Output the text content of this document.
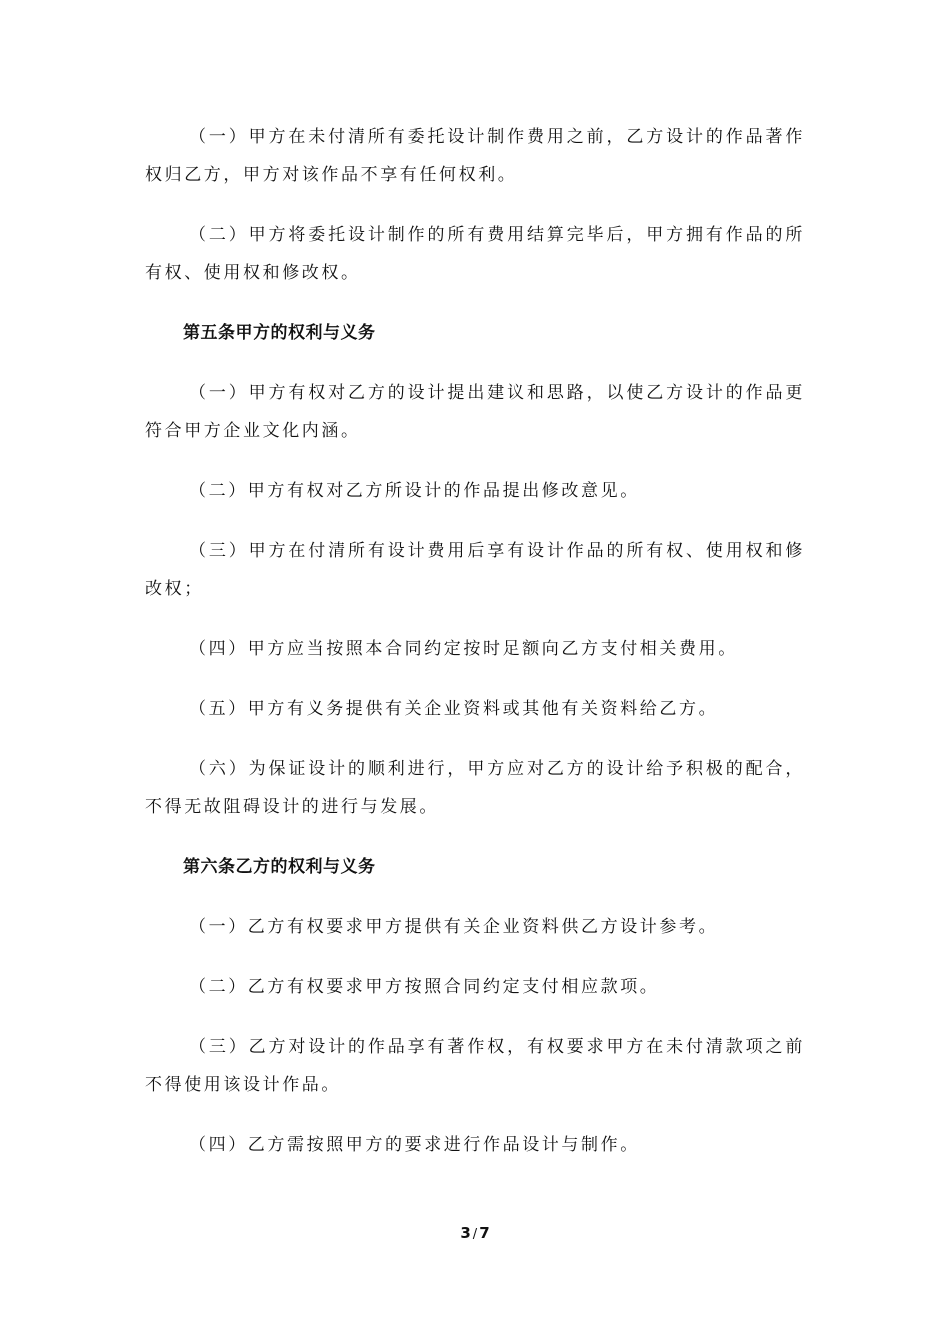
（一）甲方在未付清所有委托设计制作费用之前，乙方设计的作品著作权归乙方，甲方对该作品不享有任何权利。

（二）甲方将委托设计制作的所有费用结算完毕后，甲方拥有作品的所有权、使用权和修改权。

第五条甲方的权利与义务

（一）甲方有权对乙方的设计提出建议和思路，以使乙方设计的作品更符合甲方企业文化内涵。

（二）甲方有权对乙方所设计的作品提出修改意见。

（三）甲方在付清所有设计费用后享有设计作品的所有权、使用权和修改权；

（四）甲方应当按照本合同约定按时足额向乙方支付相关费用。

（五）甲方有义务提供有关企业资料或其他有关资料给乙方。

（六）为保证设计的顺利进行，甲方应对乙方的设计给予积极的配合，不得无故阻碍设计的进行与发展。

第六条乙方的权利与义务

（一）乙方有权要求甲方提供有关企业资料供乙方设计参考。

（二）乙方有权要求甲方按照合同约定支付相应款项。

（三）乙方对设计的作品享有著作权，有权要求甲方在未付清款项之前不得使用该设计作品。

（四）乙方需按照甲方的要求进行作品设计与制作。

3 / 7
